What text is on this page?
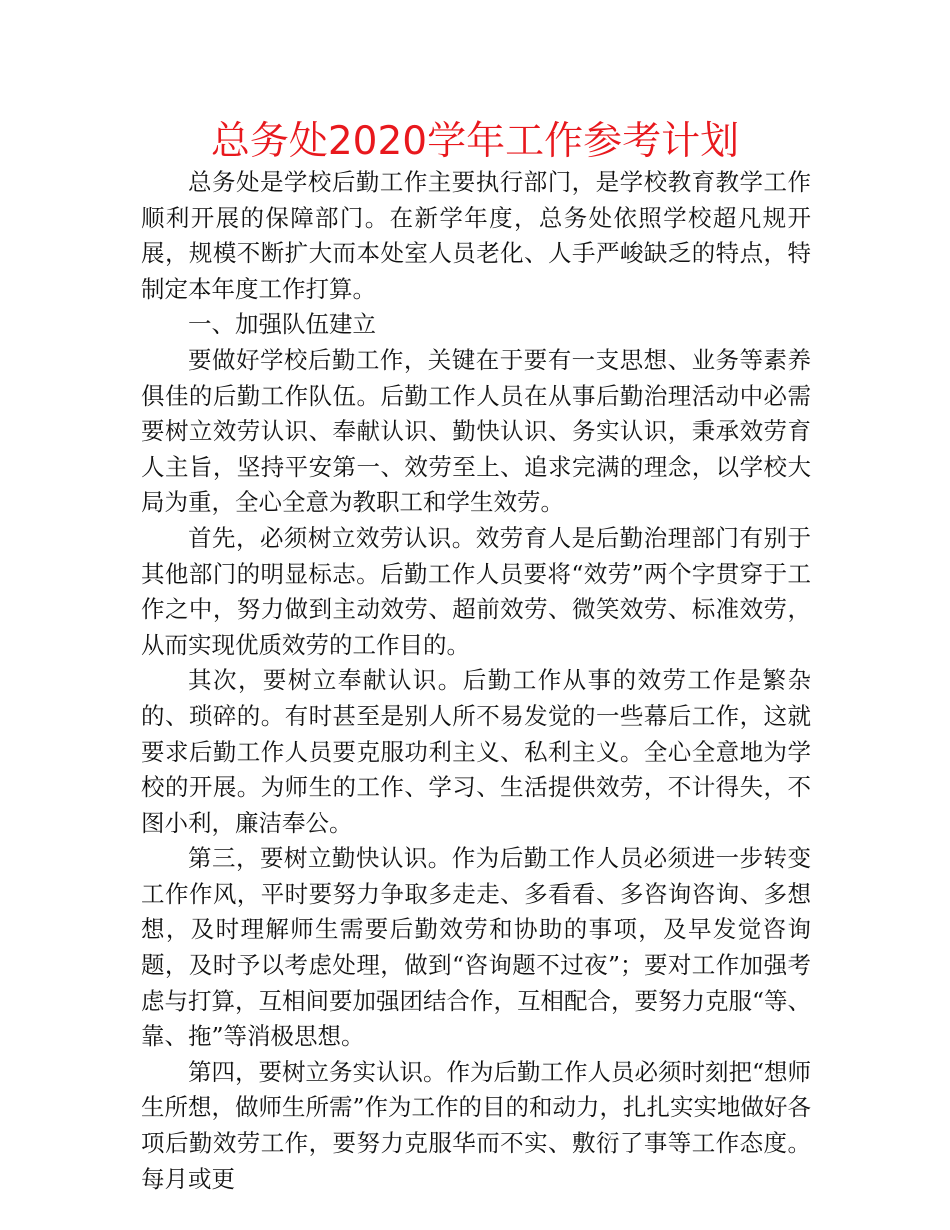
总务处2020学年工作参考计划

总务处是学校后勤工作主要执行部门，是学校教育教学工作顺利开展的保障部门。在新学年度，总务处依照学校超凡规开展，规模不断扩大而本处室人员老化、人手严峻缺乏的特点，特制定本年度工作打算。

一、加强队伍建立

要做好学校后勤工作，关键在于要有一支思想、业务等素养俱佳的后勤工作队伍。后勤工作人员在从事后勤治理活动中必需要树立效劳认识、奉献认识、勤快认识、务实认识，秉承效劳育人主旨，坚持平安第一、效劳至上、追求完满的理念，以学校大局为重，全心全意为教职工和学生效劳。

首先，必须树立效劳认识。效劳育人是后勤治理部门有别于其他部门的明显标志。后勤工作人员要将“效劳”两个字贯穿于工作之中，努力做到主动效劳、超前效劳、微笑效劳、标准效劳，从而实现优质效劳的工作目的。

其次，要树立奉献认识。后勤工作从事的效劳工作是繁杂的、琐碎的。有时甚至是别人所不易发觉的一些幕后工作，这就要求后勤工作人员要克服功利主义、私利主义。全心全意地为学校的开展。为师生的工作、学习、生活提供效劳，不计得失，不图小利，廉洁奉公。

第三，要树立勤快认识。作为后勤工作人员必须进一步转变工作作风，平时要努力争取多走走、多看看、多咨询咨询、多想想，及时理解师生需要后勤效劳和协助的事项，及早发觉咨询题，及时予以考虑处理，做到“咨询题不过夜”；要对工作加强考虑与打算，互相间要加强团结合作，互相配合，要努力克服“等、靠、拖”等消极思想。

第四，要树立务实认识。作为后勤工作人员必须时刻把“想师生所想，做师生所需”作为工作的目的和动力，扎扎实实地做好各项后勤效劳工作，要努力克服华而不实、敷衍了事等工作态度。每月或更
